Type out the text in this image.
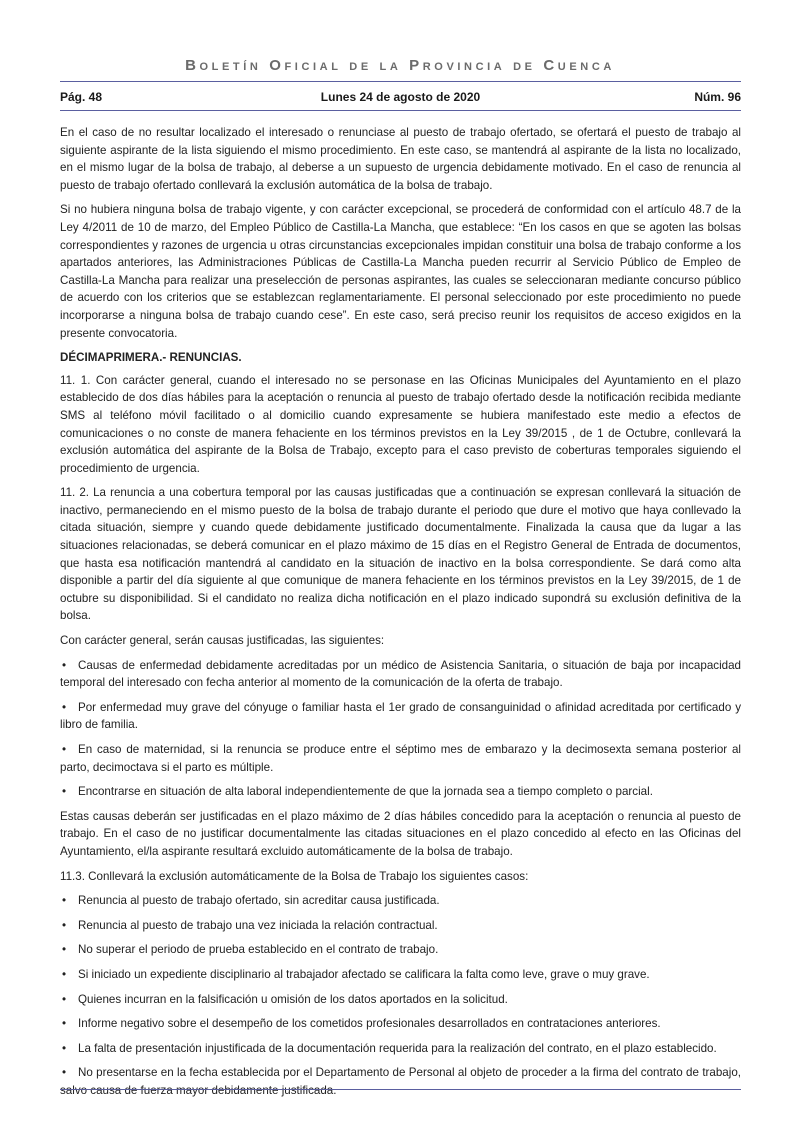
Boletín Oficial de la Provincia de Cuenca
Pág. 48	Lunes 24 de agosto de 2020	Núm. 96

En el caso de no resultar localizado el interesado o renunciase al puesto de trabajo ofertado, se ofertará el puesto de trabajo al siguiente aspirante de la lista siguiendo el mismo procedimiento. En este caso, se mantendrá al aspirante de la lista no localizado, en el mismo lugar de la bolsa de trabajo, al deberse a un supuesto de urgencia debidamente motivado. En el caso de renuncia al puesto de trabajo ofertado conllevará la exclusión automática de la bolsa de trabajo.

Si no hubiera ninguna bolsa de trabajo vigente, y con carácter excepcional, se procederá de conformidad con el artículo 48.7 de la Ley 4/2011 de 10 de marzo, del Empleo Público de Castilla-La Mancha, que establece: “En los casos en que se agoten las bolsas correspondientes y razones de urgencia u otras circunstancias excepcionales impidan constituir una bolsa de trabajo conforme a los apartados anteriores, las Administraciones Públicas de Castilla-La Mancha pueden recurrir al Servicio Público de Empleo de Castilla-La Mancha para realizar una preselección de personas aspirantes, las cuales se seleccionaran mediante concurso público de acuerdo con los criterios que se establezcan reglamentariamente. El personal seleccionado por este procedimiento no puede incorporarse a ninguna bolsa de trabajo cuando cese”. En este caso, será preciso reunir los requisitos de acceso exigidos en la presente convocatoria.

DÉCIMAPRIMERA.- RENUNCIAS.

11. 1. Con carácter general, cuando el interesado no se personase en las Oficinas Municipales del Ayuntamiento en el plazo establecido de dos días hábiles para la aceptación o renuncia al puesto de trabajo ofertado desde la notificación recibida mediante SMS al teléfono móvil facilitado o al domicilio cuando expresamente se hubiera manifestado este medio a efectos de comunicaciones o no conste de manera fehaciente en los términos previstos en la Ley 39/2015 , de 1 de Octubre, conllevará la exclusión automática del aspirante de la Bolsa de Trabajo, excepto para el caso previsto de coberturas temporales siguiendo el procedimiento de urgencia.

11. 2. La renuncia a una cobertura temporal por las causas justificadas que a continuación se expresan conllevará la situación de inactivo, permaneciendo en el mismo puesto de la bolsa de trabajo durante el periodo que dure el motivo que haya conllevado la citada situación, siempre y cuando quede debidamente justificado documentalmente. Finalizada la causa que da lugar a las situaciones relacionadas, se deberá comunicar en el plazo máximo de 15 días en el Registro General de Entrada de documentos, que hasta esa notificación mantendrá al candidato en la situación de inactivo en la bolsa correspondiente. Se dará como alta disponible a partir del día siguiente al que comunique de manera fehaciente en los términos previstos en la Ley 39/2015, de 1 de octubre su disponibilidad. Si el candidato no realiza dicha notificación en el plazo indicado supondrá su exclusión definitiva de la bolsa.

Con carácter general, serán causas justificadas, las siguientes:

• Causas de enfermedad debidamente acreditadas por un médico de Asistencia Sanitaria, o situación de baja por incapacidad temporal del interesado con fecha anterior al momento de la comunicación de la oferta de trabajo.
• Por enfermedad muy grave del cónyuge o familiar hasta el 1er grado de consanguinidad o afinidad acreditada por certificado y libro de familia.
• En caso de maternidad, si la renuncia se produce entre el séptimo mes de embarazo y la decimosexta semana posterior al parto, decimoctava si el parto es múltiple.
• Encontrarse en situación de alta laboral independientemente de que la jornada sea a tiempo completo o parcial.

Estas causas deberán ser justificadas en el plazo máximo de 2 días hábiles concedido para la aceptación o renuncia al puesto de trabajo. En el caso de no justificar documentalmente las citadas situaciones en el plazo concedido al efecto en las Oficinas del Ayuntamiento, el/la aspirante resultará excluido automáticamente de la bolsa de trabajo.

11.3. Conllevará la exclusión automáticamente de la Bolsa de Trabajo los siguientes casos:

• Renuncia al puesto de trabajo ofertado, sin acreditar causa justificada.
• Renuncia al puesto de trabajo una vez iniciada la relación contractual.
• No superar el periodo de prueba establecido en el contrato de trabajo.
• Si iniciado un expediente disciplinario al trabajador afectado se calificara la falta como leve, grave o muy grave.
• Quienes incurran en la falsificación u omisión de los datos aportados en la solicitud.
• Informe negativo sobre el desempeño de los cometidos profesionales desarrollados en contrataciones anteriores.
• La falta de presentación injustificada de la documentación requerida para la realización del contrato, en el plazo establecido.
• No presentarse en la fecha establecida por el Departamento de Personal al objeto de proceder a la firma del contrato de trabajo, salvo causa de fuerza mayor debidamente justificada.
